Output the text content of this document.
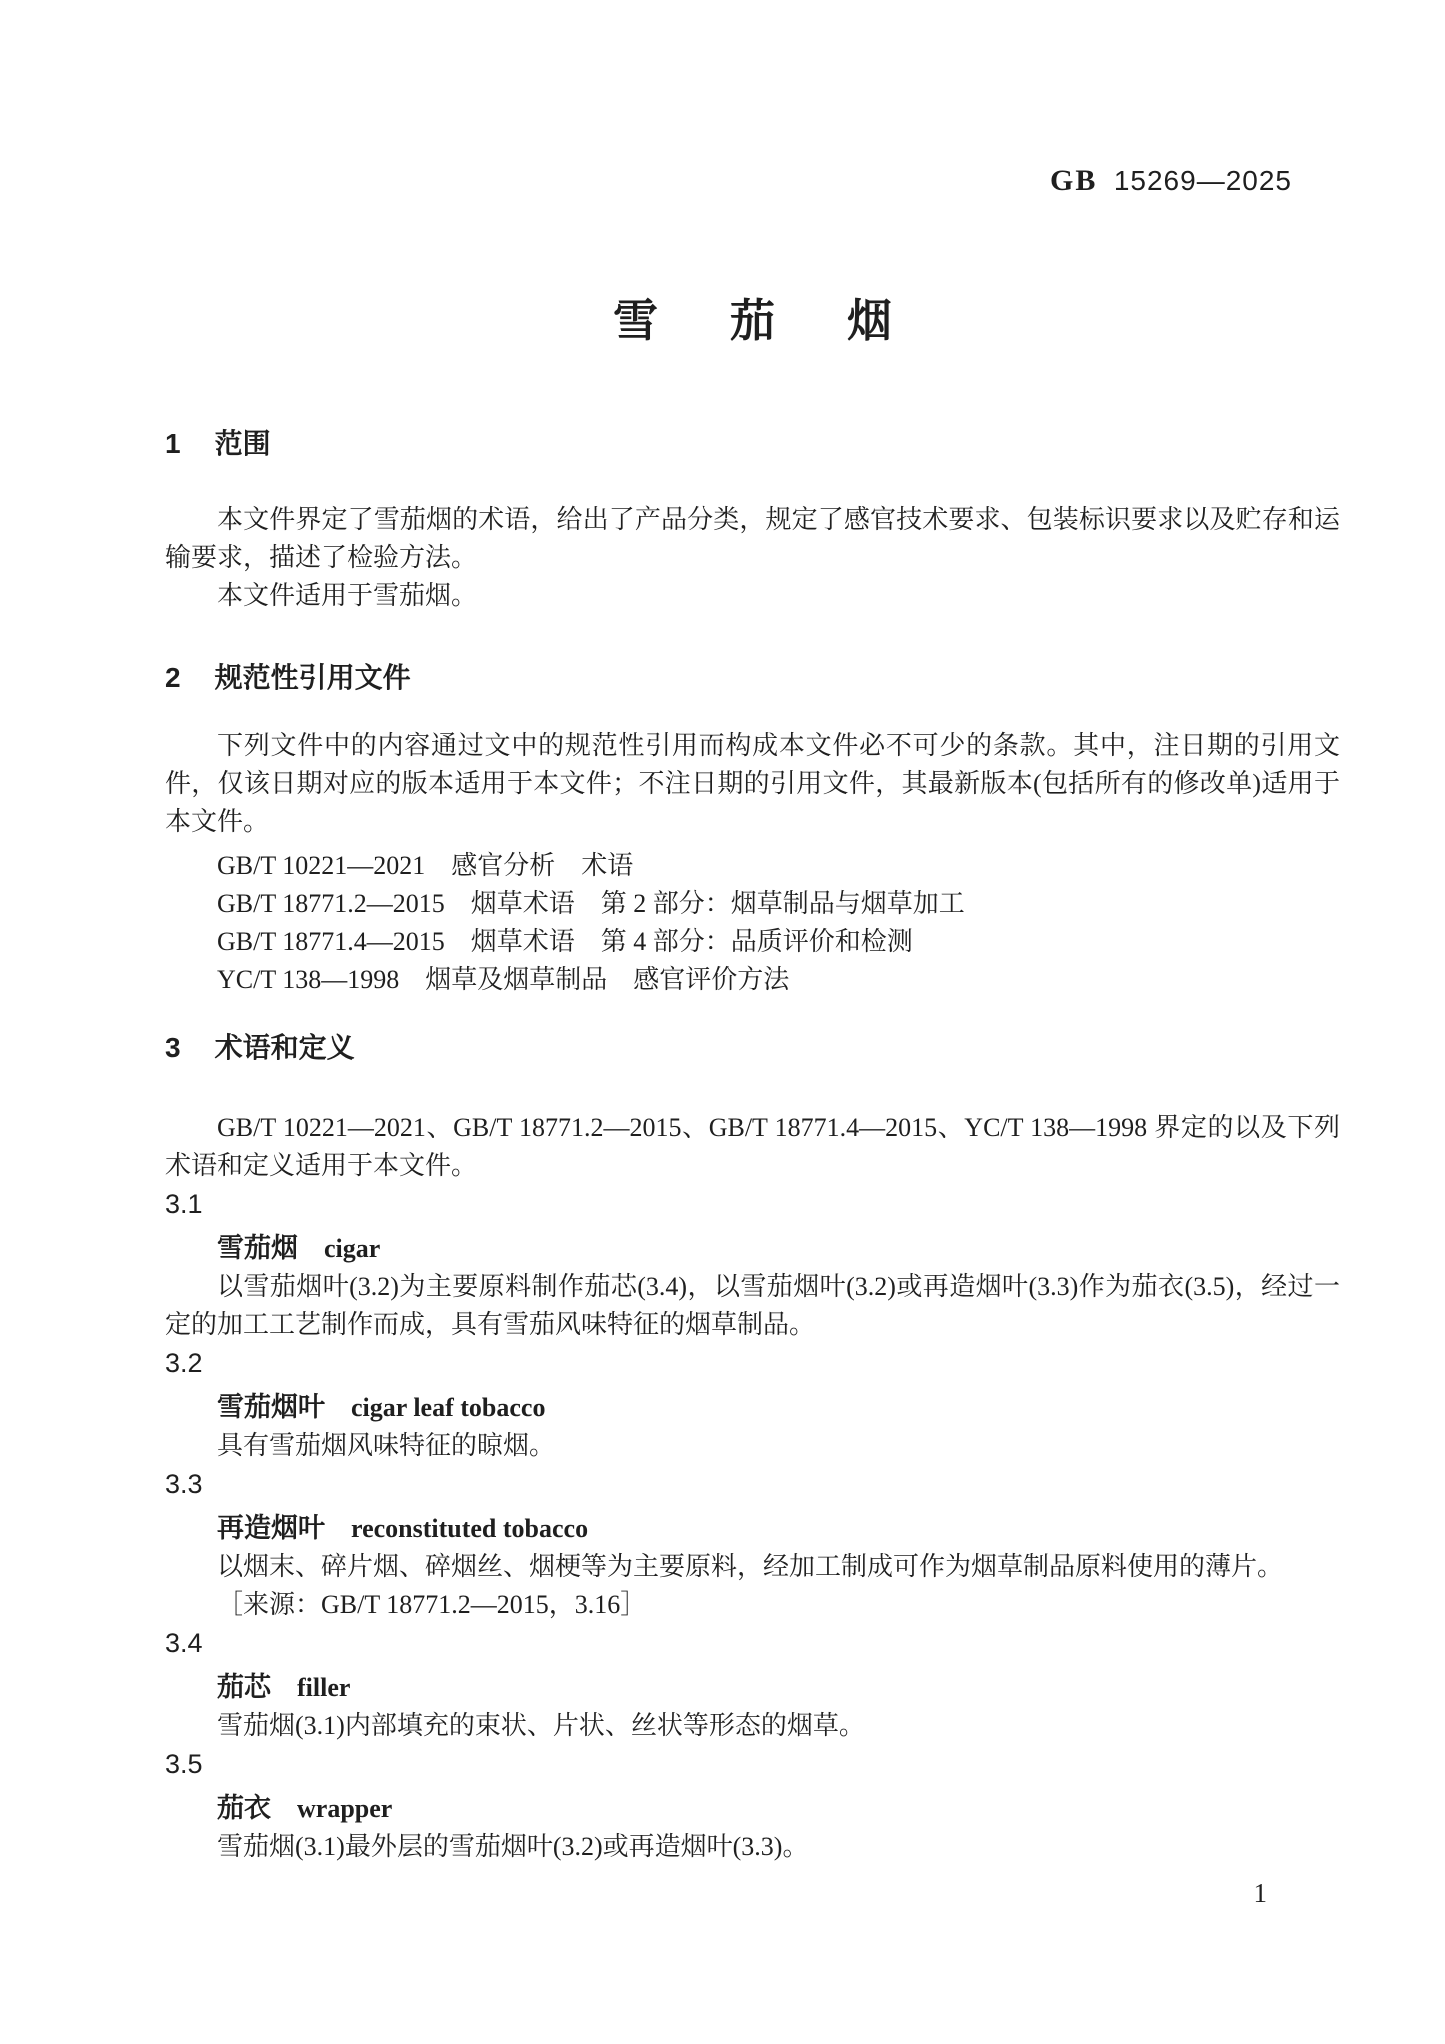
GB 15269—2025
雪茄烟
1 范围

本文件界定了雪茄烟的术语，给出了产品分类，规定了感官技术要求、包装标识要求以及贮存和运输要求，描述了检验方法。

本文件适用于雪茄烟。

2 规范性引用文件

下列文件中的内容通过文中的规范性引用而构成本文件必不可少的条款。其中，注日期的引用文件，仅该日期对应的版本适用于本文件；不注日期的引用文件，其最新版本(包括所有的修改单)适用于本文件。

GB/T 10221—2021　感官分析　术语

GB/T 18771.2—2015　烟草术语　第 2 部分：烟草制品与烟草加工

GB/T 18771.4—2015　烟草术语　第 4 部分：品质评价和检测

YC/T 138—1998　烟草及烟草制品　感官评价方法

3 术语和定义

GB/T 10221—2021、GB/T 18771.2—2015、GB/T 18771.4—2015、YC/T 138—1998 界定的以及下列术语和定义适用于本文件。

3.1
雪茄烟 cigar

以雪茄烟叶(3.2)为主要原料制作茄芯(3.4)，以雪茄烟叶(3.2)或再造烟叶(3.3)作为茄衣(3.5)，经过一定的加工工艺制作而成，具有雪茄风味特征的烟草制品。

3.2
雪茄烟叶 cigar leaf tobacco

具有雪茄烟风味特征的晾烟。

3.3
再造烟叶 reconstituted tobacco

以烟末、碎片烟、碎烟丝、烟梗等为主要原料，经加工制成可作为烟草制品原料使用的薄片。

［来源：GB/T 18771.2—2015，3.16］

3.4
茄芯 filler

雪茄烟(3.1)内部填充的束状、片状、丝状等形态的烟草。

3.5
茄衣 wrapper

雪茄烟(3.1)最外层的雪茄烟叶(3.2)或再造烟叶(3.3)。

1
